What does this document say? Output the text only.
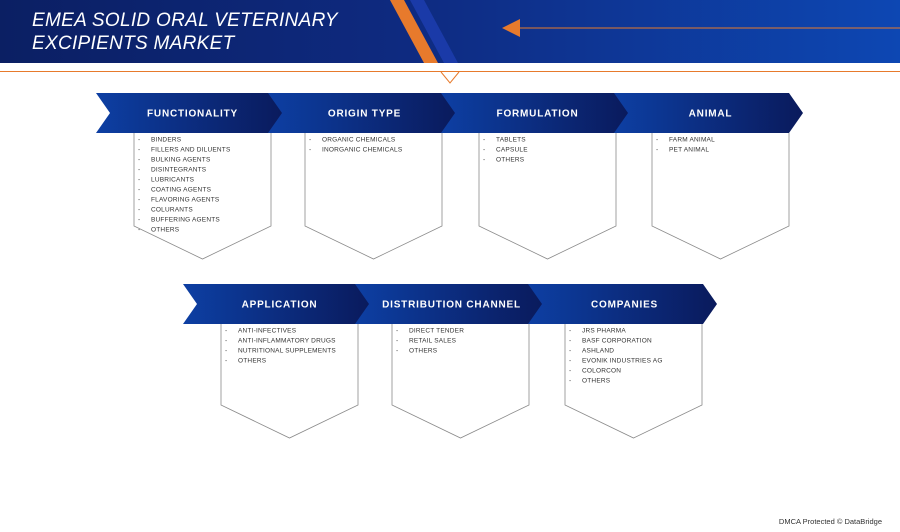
EMEA SOLID ORAL VETERINARY
EXCIPIENTS MARKET
FUNCTIONALITY
- BINDERS
- FILLERS AND DILUENTS
- BULKING AGENTS
- DISINTEGRANTS
- LUBRICANTS
- COATING AGENTS
- FLAVORING AGENTS
- COLURANTS
- BUFFERING AGENTS
- OTHERS
ORIGIN TYPE
- ORGANIC CHEMICALS
- INORGANIC CHEMICALS
FORMULATION
- TABLETS
- CAPSULE
- OTHERS
ANIMAL
- FARM ANIMAL
- PET ANIMAL
APPLICATION
- ANTI-INFECTIVES
- ANTI-INFLAMMATORY DRUGS
- NUTRITIONAL SUPPLEMENTS
- OTHERS
DISTRIBUTION CHANNEL
- DIRECT TENDER
- RETAIL SALES
- OTHERS
COMPANIES
- JRS PHARMA
- BASF CORPORATION
- ASHLAND
- EVONIK INDUSTRIES AG
- COLORCON
- OTHERS
DMCA Protected © DataBridge
